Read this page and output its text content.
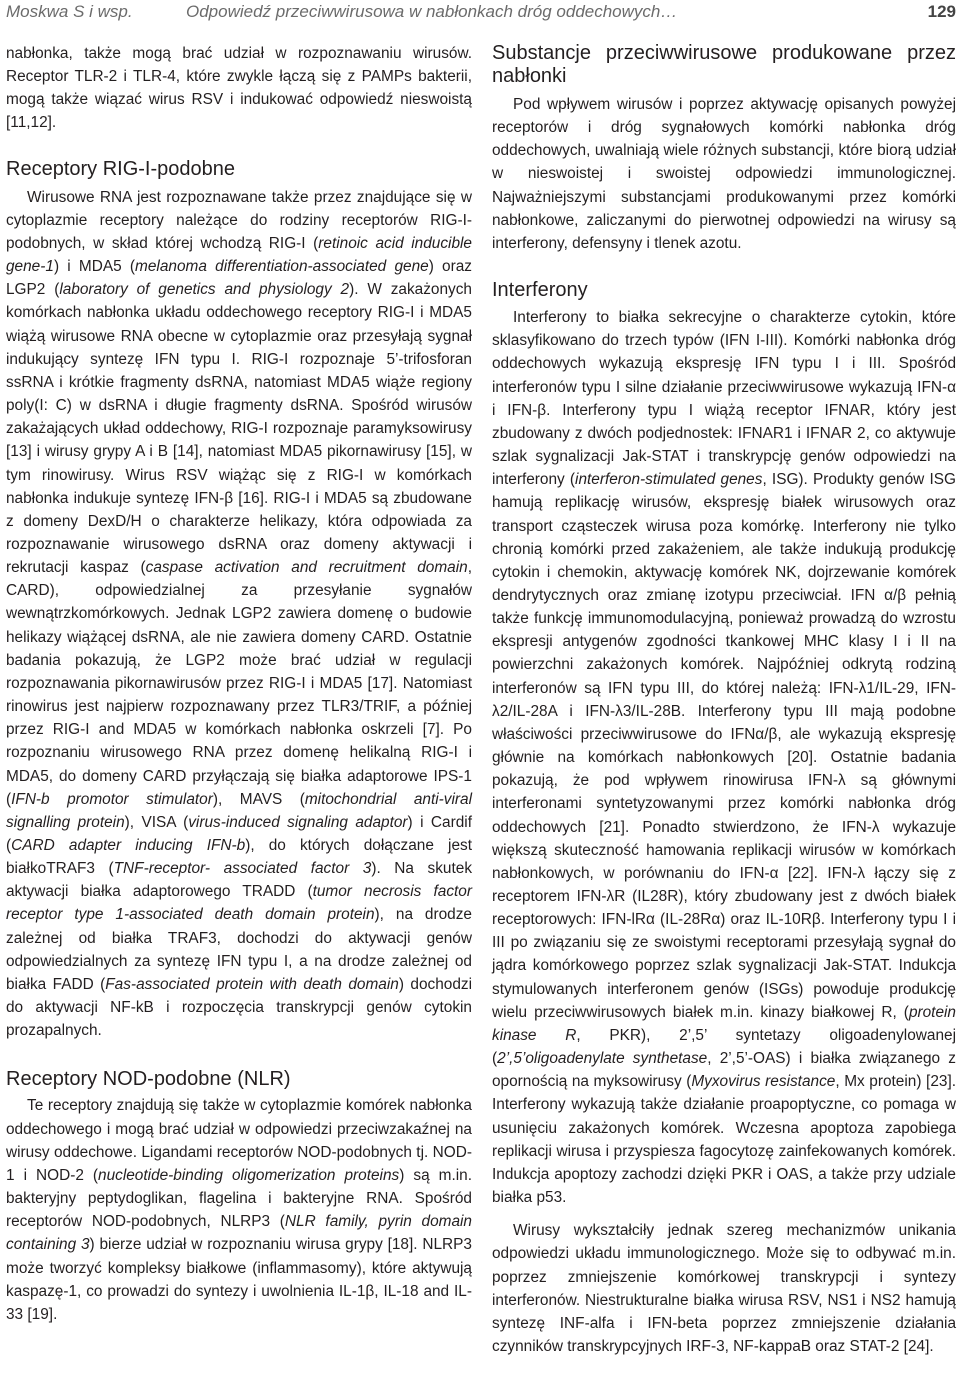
Moskwa S i wsp.	Odpowiedź przeciwwirusowa w nabłonkach dróg oddechowych…	129

nabłonka, także mogą brać udział w rozpoznawaniu wirusów. Receptor TLR-2 i TLR-4, które zwykle łączą się z PAMPs bakterii, mogą także wiązać wirus RSV i indukować odpowiedź nieswoistą [11,12].

Receptory RIG-I-podobne

Wirusowe RNA jest rozpoznawane także przez znajdujące się w cytoplazmie receptory należące do rodziny receptorów RIG-I-podobnych, w skład której wchodzą RIG-I (retinoic acid inducible gene-1) i MDA5 (melanoma differentiation-associated gene) oraz LGP2 (laboratory of genetics and physiology 2). W zakażonych komórkach nabłonka układu oddechowego receptory RIG-I i MDA5 wiążą wirusowe RNA obecne w cytoplazmie oraz przesyłają sygnał indukujący syntezę IFN typu I. RIG-I rozpoznaje 5’-trifosforan ssRNA i krótkie fragmenty dsRNA, natomiast MDA5 wiąże regiony poly(I: C) w dsRNA i długie fragmenty dsRNA. Spośród wirusów zakażających układ oddechowy, RIG-I rozpoznaje paramyksowirusy [13] i wirusy grypy A i B [14], natomiast MDA5 pikornawirusy [15], w tym rinowirusy. Wirus RSV wiążąc się z RIG-I w komórkach nabłonka indukuje syntezę IFN-β [16]. RIG-I i MDA5 są zbudowane z domeny DexD/H o charakterze helikazy, która odpowiada za rozpoznawanie wirusowego dsRNA oraz domeny aktywacji i rekrutacji kaspaz (caspase activation and recruitment domain, CARD), odpowiedzialnej za przesyłanie sygnałów wewnątrzkomórkowych. Jednak LGP2 zawiera domenę o budowie helikazy wiążącej dsRNA, ale nie zawiera domeny CARD. Ostatnie badania pokazują, że LGP2 może brać udział w regulacji rozpoznawania pikornawirusów przez RIG-I i MDA5 [17]. Natomiast rinowirus jest najpierw rozpoznawany przez TLR3/TRIF, a później przez RIG-I and MDA5 w komórkach nabłonka oskrzeli [7]. Po rozpoznaniu wirusowego RNA przez domenę helikalną RIG-I i MDA5, do domeny CARD przyłączają się białka adaptorowe IPS-1 (IFN-b promotor stimulator), MAVS (mitochondrial anti-viral signalling protein), VISA (virus-induced signaling adaptor) i Cardif (CARD adapter inducing IFN-b), do których dołączane jest białkoTRAF3 (TNF-receptor- associated factor 3). Na skutek aktywacji białka adaptorowego TRADD (tumor necrosis factor receptor type 1-associated death domain protein), na drodze zależnej od białka TRAF3, dochodzi do aktywacji genów odpowiedzialnych za syntezę IFN typu I, a na drodze zależnej od białka FADD (Fas-associated protein with death domain) dochodzi do aktywacji NF-kB i rozpoczęcia transkrypcji genów cytokin prozapalnych.

Receptory NOD-podobne (NLR)

Te receptory znajdują się także w cytoplazmie komórek nabłonka oddechowego i mogą brać udział w odpowiedzi przeciwzakaźnej na wirusy oddechowe. Ligandami receptorów NOD-podobnych tj. NOD-1 i NOD-2 (nucleotide-binding oligomerization proteins) są m.in. bakteryjny peptydoglikan, flagelina i bakteryjne RNA. Spośród receptorów NOD-podobnych, NLRP3 (NLR family, pyrin domain containing 3) bierze udział w rozpoznaniu wirusa grypy [18]. NLRP3 może tworzyć kompleksy białkowe (inflammasomy), które aktywują kaspazę-1, co prowadzi do syntezy i uwolnienia IL-1β, IL-18 and IL-33 [19].

Substancje przeciwwirusowe produkowane przez nabłonki

Pod wpływem wirusów i poprzez aktywację opisanych powyżej receptorów i dróg sygnałowych komórki nabłonka dróg oddechowych, uwalniają wiele różnych substancji, które biorą udział w nieswoistej i swoistej odpowiedzi immunologicznej. Najważniejszymi substancjami produkowanymi przez komórki nabłonkowe, zaliczanymi do pierwotnej odpowiedzi na wirusy są interferony, defensyny i tlenek azotu.

Interferony

Interferony to białka sekrecyjne o charakterze cytokin, które sklasyfikowano do trzech typów (IFN I-III). Komórki nabłonka dróg oddechowych wykazują ekspresję IFN typu I i III. Spośród interferonów typu I silne działanie przeciwwirusowe wykazują IFN-α i IFN-β. Interferony typu I wiążą receptor IFNAR, który jest zbudowany z dwóch podjednostek: IFNAR1 i IFNAR 2, co aktywuje szlak sygnalizacji Jak-STAT i transkrypcję genów odpowiedzi na interferony (interferon-stimulated genes, ISG). Produkty genów ISG hamują replikację wirusów, ekspresję białek wirusowych oraz transport cząsteczek wirusa poza komórkę. Interferony nie tylko chronią komórki przed zakażeniem, ale także indukują produkcję cytokin i chemokin, aktywację komórek NK, dojrzewanie komórek dendrytycznych oraz zmianę izotypu przeciwciał. IFN α/β pełnią także funkcję immunomodulacyjną, ponieważ prowadzą do wzrostu ekspresji antygenów zgodności tkankowej MHC klasy I i II na powierzchni zakażonych komórek. Najpóźniej odkrytą rodziną interferonów są IFN typu III, do której należą: IFN-λ1/IL-29, IFN-λ2/IL-28A i IFN-λ3/IL-28B. Interferony typu III mają podobne właściwości przeciwwirusowe do IFNα/β, ale wykazują ekspresję głównie na komórkach nabłonkowych [20]. Ostatnie badania pokazują, że pod wpływem rinowirusa IFN-λ są głównymi interferonami syntetyzowanymi przez komórki nabłonka dróg oddechowych [21]. Ponadto stwierdzono, że IFN-λ wykazuje większą skuteczność hamowania replikacji wirusów w komórkach nabłonkowych, w porównaniu do IFN-α [22]. IFN-λ łączy się z receptorem IFN-λR (IL28R), który zbudowany jest z dwóch białek receptorowych: IFN-lRα (IL-28Rα) oraz IL-10Rβ. Interferony typu I i III po związaniu się ze swoistymi receptorami przesyłają sygnał do jądra komórkowego poprzez szlak sygnalizacji Jak-STAT. Indukcja stymulowanych interferonem genów (ISGs) powoduje produkcję wielu przeciwwirusowych białek m.in. kinazy białkowej R, (protein kinase R, PKR), 2’,5’ syntetazy oligoadenylowanej (2’,5’oligoadenylate synthetase, 2’,5’-OAS) i białka związanego z opornością na myksowirusy (Myxovirus resistance, Mx protein) [23]. Interferony wykazują także działanie proapoptyczne, co pomaga w usunięciu zakażonych komórek. Wczesna apoptoza zapobiega replikacji wirusa i przyspiesza fagocytozę zainfekowanych komórek. Indukcja apoptozy zachodzi dzięki PKR i OAS, a także przy udziale białka p53.

Wirusy wykształciły jednak szereg mechanizmów unikania odpowiedzi układu immunologicznego. Może się to odbywać m.in. poprzez zmniejszenie komórkowej transkrypcji i syntezy interferonów. Niestrukturalne białka wirusa RSV, NS1 i NS2 hamują syntezę INF-alfa i IFN-beta poprzez zmniejszenie działania czynników transkrypcyjnych IRF-3, NF-kappaB oraz STAT-2 [24].
